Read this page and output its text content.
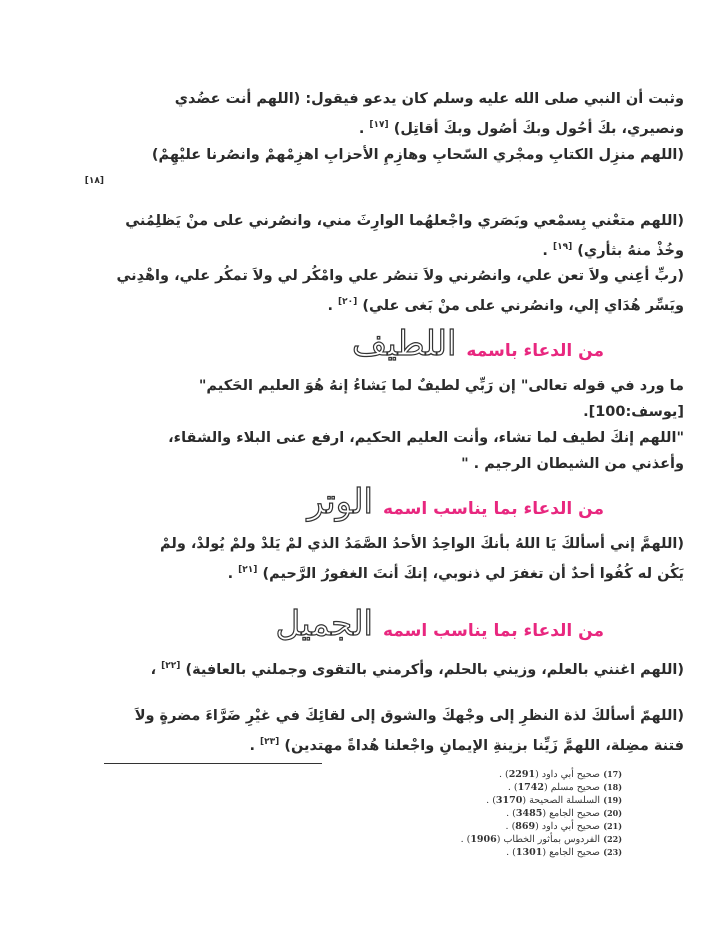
وثبت أن النبي صلى الله عليه وسلم كان يدعو فيقول: (اللهم أنت عضُدي
ونصيري، بكَ أحُول وبكَ أصُول وبكَ أقاتِل) [١٧] .

(اللهم منزِل الكتابِ ومجْري السّحابِ وهازِمِ الأحزابِ اهزِمْهمْ وانصُرنا عليْهِمْ)
[١٨]

(اللهم متعْني بِسمْعي وبَصَري واجْعلهُما الوارِثَ مني، وانصُرني على منْ يَظلِمُني
وخُذْ منهُ بثأري) [١٩] .

(ربِّ أعِني ولاَ تعن علي، وانصُرني ولاَ تنصُر علي وامْكُر لي ولاَ تمكُر علي، واهْدِني
ويَسِّر هُدَاي إلي، وانصُرني على منْ بَغى علي) [٢٠] .

من الدعاء باسمه
اللطيف

ما ورد في قوله تعالى" إن رَبِّي لطيفٌ لما يَشاءُ إنهُ هُوَ العليم الحَكيم"
[يوسف:100].

"اللهم إنكَ لطيف لما تشاء، وأنت العليم الحكيم، ارفع عنى البلاء والشقاء،
وأعذني من الشيطان الرجيم . "

من الدعاء بما يناسب اسمه
الوتر

(اللهمَّ إني أسألكَ يَا اللهُ بأنكَ الواحِدُ الأحدُ الصَّمَدُ الذي لمْ يَلدْ ولمْ يُولدْ، ولمْ
يَكُن له كُفُوا أحدٌ أن تغفرَ لي ذنوبي، إنكَ أنتَ الغفورُ الرَّحيم) [٢١] .

من الدعاء بما يناسب اسمه
الجميل

(اللهم اغنني بالعلم، وزيني بالحلم، وأكرمني بالتقوى وجملني بالعافية) [٢٢] ،

(اللهمّ أسألكَ لذة النظرِ إلى وجْهكَ والشوق إلى لقائِكَ في غيْرِ ضَرَّاءَ مضرةٍ ولاَ
فتنة مضِلة، اللهمَّ زَيِّنا بزينةِ الإيمانِ واجْعلنا هُداةً مهتدين) [٢٣] .

(17)
صحيح أبي داود (2291) .
(18)
صحيح مسلم (1742) .
(19)
السلسلة الصحيحة (3170) .
(20)
صحيح الجامع (3485) .
(21)
صحيح أبي داود (869) .
(22)
الفردوس بمأثور الخطاب (1906) .
(23)
صحيح الجامع (1301) .
